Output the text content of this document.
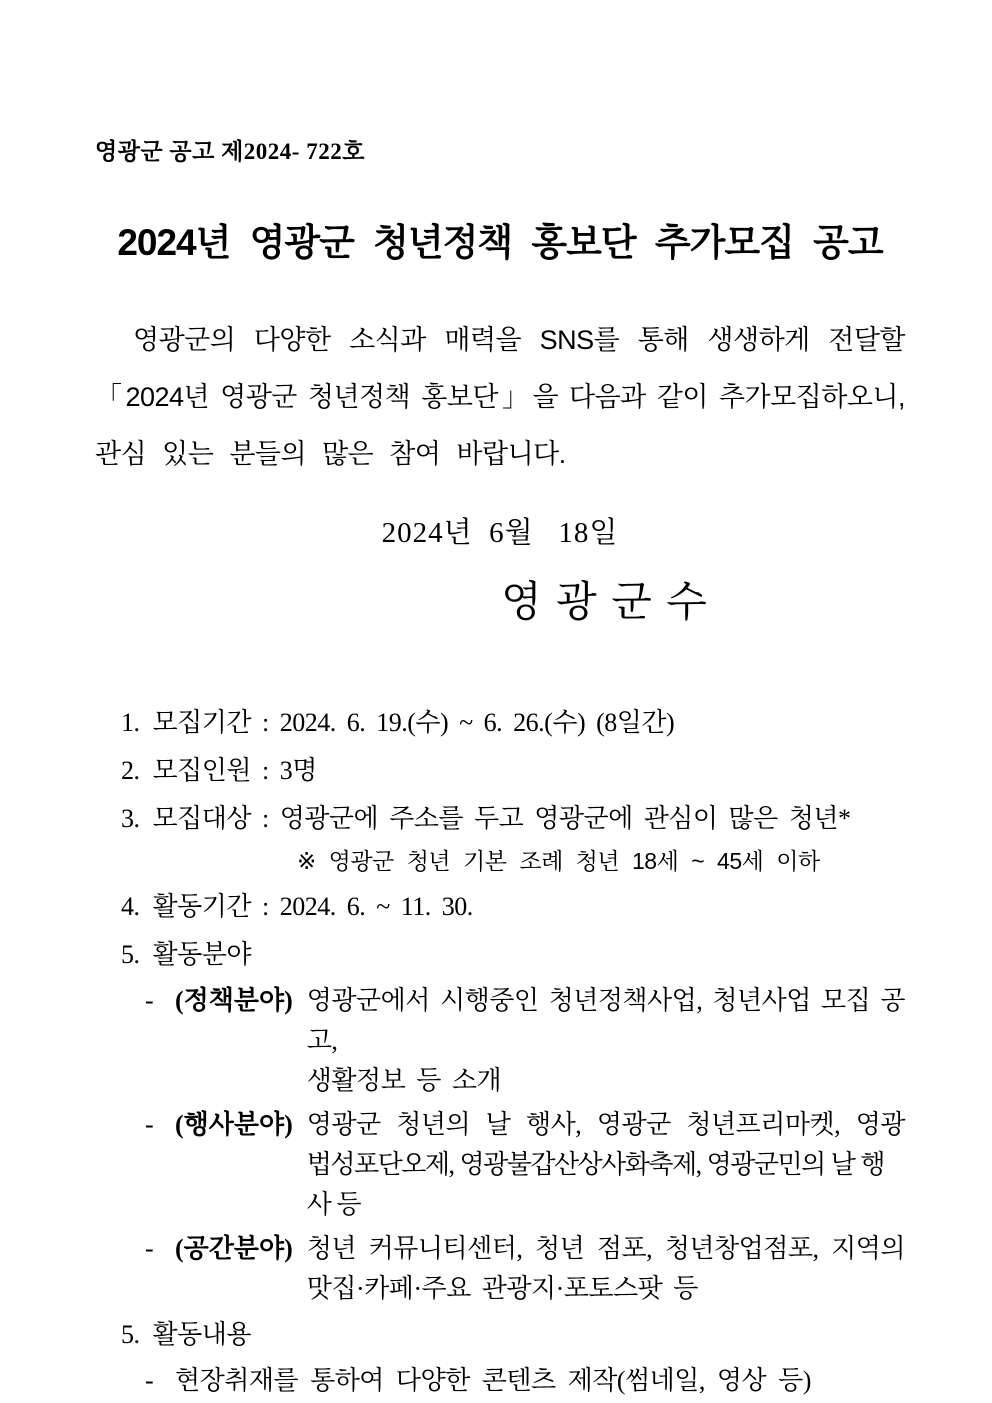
영광군 공고 제2024- 722호
2024년 영광군 청년정책 홍보단 추가모집 공고
영광군의 다양한 소식과 매력을 SNS를 통해 생생하게 전달할
「2024년 영광군 청년정책 홍보단」을 다음과 같이 추가모집하오니,
관심 있는 분들의 많은 참여 바랍니다.
2024년  6월   18일
영 광 군 수
1. 모집기간 : 2024. 6. 19.(수) ~ 6. 26.(수) (8일간)
2. 모집인원 : 3명
3. 모집대상 : 영광군에 주소를 두고 영광군에 관심이 많은 청년*
※ 영광군 청년 기본 조례 청년 18세 ~ 45세 이하
4. 활동기간 : 2024. 6. ~ 11. 30.
5. 활동분야
- (정책분야) 영광군에서 시행중인 청년정책사업, 청년사업 모집 공고,
생활정보 등 소개
- (행사분야) 영광군 청년의 날 행사, 영광군 청년프리마켓, 영광
법성포단오제, 영광불갑산상사화축제, 영광군민의 날 행사 등
- (공간분야) 청년 커뮤니티센터, 청년 점포, 청년창업점포, 지역의
맛집·카페·주요 관광지·포토스팟 등
5. 활동내용
- 현장취재를 통하여 다양한 콘텐츠 제작(썸네일, 영상 등)
